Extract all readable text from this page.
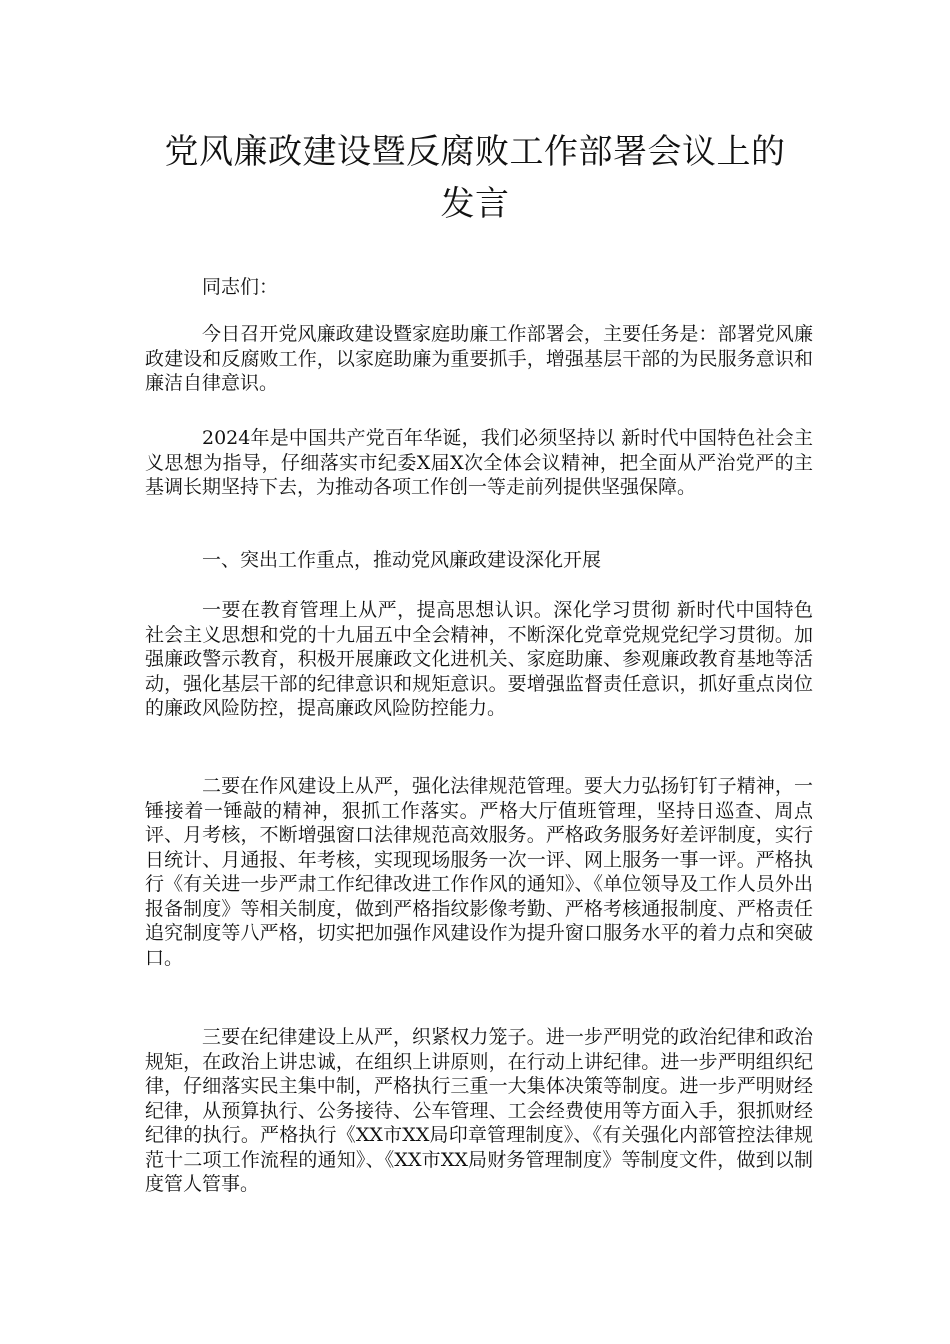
党风廉政建设暨反腐败工作部署会议上的
发言

同志们：

今日召开党风廉政建设暨家庭助廉工作部署会，主要任务是：部署党风廉政建设和反腐败工作，以家庭助廉为重要抓手，增强基层干部的为民服务意识和廉洁自律意识。

2024年是中国共产党百年华诞，我们必须坚持以 新时代中国特色社会主义思想为指导，仔细落实市纪委X届X次全体会议精神，把全面从严治党严的主基调长期坚持下去，为推动各项工作创一等走前列提供坚强保障。

一、突出工作重点，推动党风廉政建设深化开展

一要在教育管理上从严，提高思想认识。深化学习贯彻 新时代中国特色社会主义思想和党的十九届五中全会精神，不断深化党章党规党纪学习贯彻。加强廉政警示教育，积极开展廉政文化进机关、家庭助廉、参观廉政教育基地等活动，强化基层干部的纪律意识和规矩意识。要增强监督责任意识，抓好重点岗位的廉政风险防控，提高廉政风险防控能力。

二要在作风建设上从严，强化法律规范管理。要大力弘扬钉钉子精神，一锤接着一锤敲的精神，狠抓工作落实。严格大厅值班管理，坚持日巡查、周点评、月考核，不断增强窗口法律规范高效服务。严格政务服务好差评制度，实行日统计、月通报、年考核，实现现场服务一次一评、网上服务一事一评。严格执行《有关进一步严肃工作纪律改进工作作风的通知》、《单位领导及工作人员外出报备制度》等相关制度，做到严格指纹影像考勤、严格考核通报制度、严格责任追究制度等八严格，切实把加强作风建设作为提升窗口服务水平的着力点和突破口。

三要在纪律建设上从严，织紧权力笼子。进一步严明党的政治纪律和政治规矩，在政治上讲忠诚，在组织上讲原则，在行动上讲纪律。进一步严明组织纪律，仔细落实民主集中制，严格执行三重一大集体决策等制度。进一步严明财经纪律，从预算执行、公务接待、公车管理、工会经费使用等方面入手，狠抓财经纪律的执行。严格执行《XX市XX局印章管理制度》、《有关强化内部管控法律规范十二项工作流程的通知》、《XX市XX局财务管理制度》等制度文件，做到以制度管人管事。
